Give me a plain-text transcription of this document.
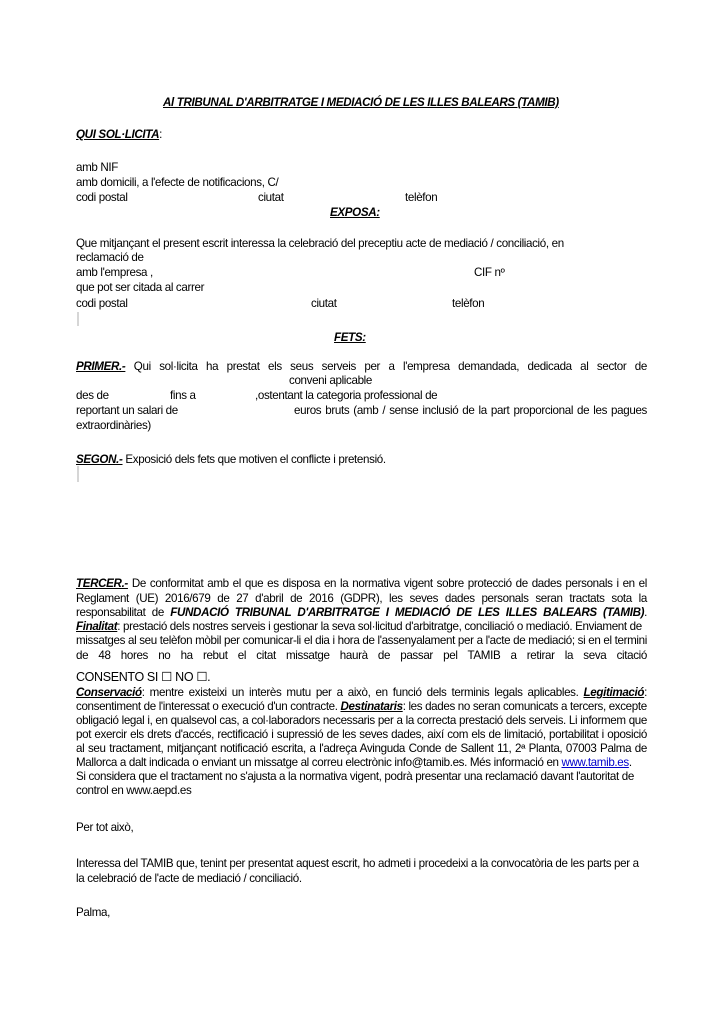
Al TRIBUNAL D'ARBITRATGE I MEDIACIÓ DE LES ILLES BALEARS (TAMIB)
QUI SOL·LICITA:
amb NIF
amb domicili, a l'efecte de notificacions, C/
codi postal	ciutat	telèfon
EXPOSA:
Que mitjançant el present escrit interessa la celebració del preceptiu acte de mediació / conciliació, en
reclamació de
amb l'empresa ,	CIF nº
que pot ser citada al carrer
codi postal	ciutat	telèfon
FETS:
PRIMER.- Qui sol·licita ha prestat els seus serveis per a l'empresa demandada, dedicada al sector de
conveni aplicable
des de	fins a	,ostentant la categoria professional de
reportant un salari de	euros bruts (amb / sense inclusió de la part proporcional de les pagues
extraordinàries)
SEGON.- Exposició dels fets que motiven el conflicte i pretensió.
TERCER.- De conformitat amb el que es disposa en la normativa vigent sobre protecció de dades personals i en el
Reglament (UE) 2016/679 de 27 d'abril de 2016 (GDPR), les seves dades personals seran tractats sota la
responsabilitat de FUNDACIÓ TRIBUNAL D'ARBITRATGE I MEDIACIÓ DE LES ILLES BALEARS (TAMIB).
Finalitat: prestació dels nostres serveis i gestionar la seva sol·licitud d'arbitratge, conciliació o mediació. Enviament de
missatges al seu telèfon mòbil per comunicar-li el dia i hora de l'assenyalament per a l'acte de mediació; si en el termini
de 48 hores no ha rebut el citat missatge haurà de passar pel TAMIB a retirar la seva citació
CONSENTO SI ☐ NO ☐.
Conservació: mentre existeixi un interès mutu per a això, en funció dels terminis legals aplicables. Legitimació:
consentiment de l'interessat o execució d'un contracte. Destinataris: les dades no seran comunicats a tercers, excepte
obligació legal i, en qualsevol cas, a col·laboradors necessaris per a la correcta prestació dels serveis. Li informem que
pot exercir els drets d'accés, rectificació i supressió de les seves dades, així com els de limitació, portabilitat i oposició
al seu tractament, mitjançant notificació escrita, a l'adreça Avinguda Conde de Sallent 11, 2ª Planta, 07003 Palma de
Mallorca a dalt indicada o enviant un missatge al correu electrònic info@tamib.es. Més informació en www.tamib.es.
Si considera que el tractament no s'ajusta a la normativa vigent, podrà presentar una reclamació davant l'autoritat de
control en www.aepd.es
Per tot això,
Interessa del TAMIB que, tenint per presentat aquest escrit, ho admeti i procedeixi a la convocatòria de les parts per a
la celebració de l'acte de mediació / conciliació.
Palma,
